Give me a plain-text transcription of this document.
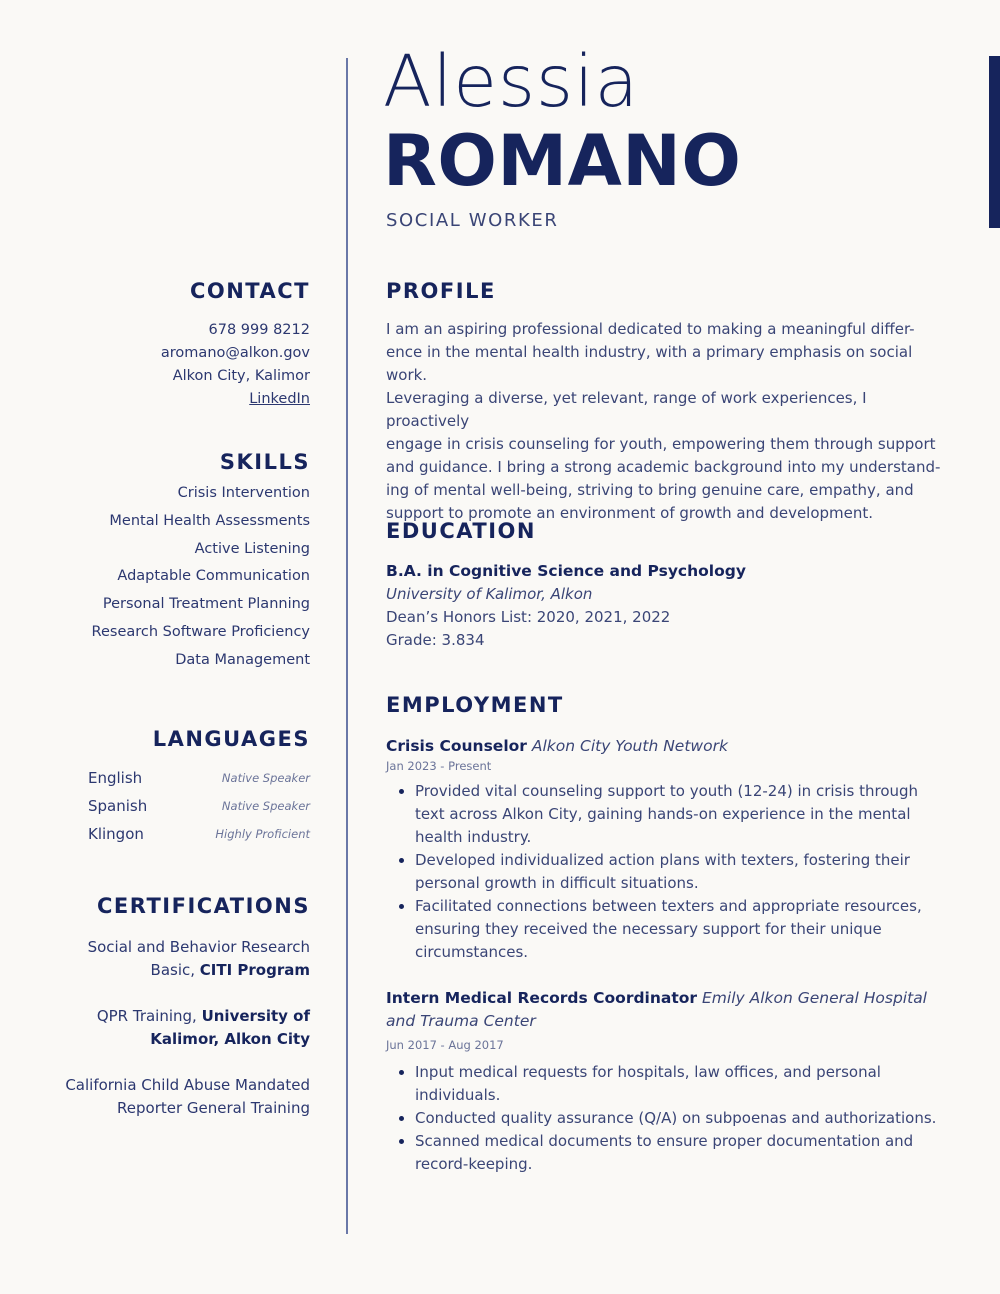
Alessia
ROMANO
SOCIAL WORKER
CONTACT
678 999 8212
aromano@alkon.gov
Alkon City, Kalimor
LinkedIn
SKILLS
Crisis Intervention
Mental Health Assessments
Active Listening
Adaptable Communication
Personal Treatment Planning
Research Software Proficiency
Data Management
LANGUAGES
English	Native Speaker
Spanish	Native Speaker
Klingon	Highly Proficient
CERTIFICATIONS
Social and Behavior Research
Basic, CITI Program
QPR Training, University of
Kalimor, Alkon City
California Child Abuse Mandated
Reporter General Training
PROFILE
I am an aspiring professional dedicated to making a meaningful differ-
ence in the mental health industry, with a primary emphasis on social work.
Leveraging a diverse, yet relevant, range of work experiences, I proactively
engage in crisis counseling for youth, empowering them through support
and guidance. I bring a strong academic background into my understand-
ing of mental well-being, striving to bring genuine care, empathy, and
support to promote an environment of growth and development.
EDUCATION
B.A. in Cognitive Science and Psychology
University of Kalimor, Alkon
Dean’s Honors List: 2020, 2021, 2022
Grade: 3.834
EMPLOYMENT
Crisis Counselor Alkon City Youth Network
Jan 2023 - Present
• Provided vital counseling support to youth (12-24) in crisis through text across Alkon City, gaining hands-on experience in the mental health industry.
• Developed individualized action plans with texters, fostering their personal growth in difficult situations.
• Facilitated connections between texters and appropriate resources, ensuring they received the necessary support for their unique circumstances.
Intern Medical Records Coordinator Emily Alkon General Hospital and Trauma Center
Jun 2017 - Aug 2017
• Input medical requests for hospitals, law offices, and personal individuals.
• Conducted quality assurance (Q/A) on subpoenas and authorizations.
• Scanned medical documents to ensure proper documentation and record-keeping.
